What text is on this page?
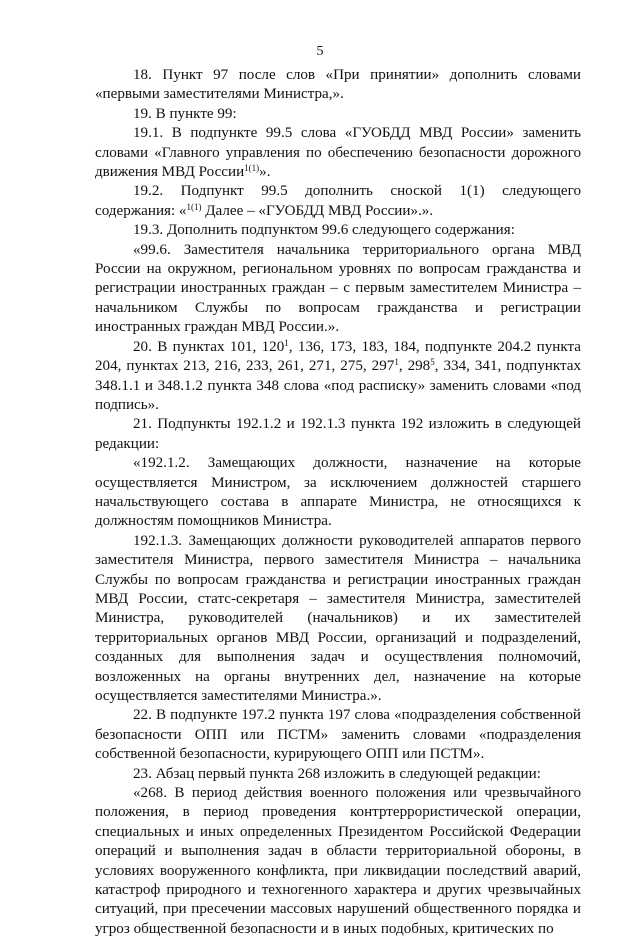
5

18. Пункт 97 после слов «При принятии» дополнить словами «первыми заместителями Министра,».

19. В пункте 99:

19.1. В подпункте 99.5 слова «ГУОБДД МВД России» заменить словами «Главного управления по обеспечению безопасности дорожного движения МВД России$^{1(1)}$».

19.2. Подпункт 99.5 дополнить сноской 1(1) следующего содержания: «$^{1(1)}$ Далее – «ГУОБДД МВД России».».

19.3. Дополнить подпунктом 99.6 следующего содержания:

«99.6. Заместителя начальника территориального органа МВД России на окружном, региональном уровнях по вопросам гражданства и регистрации иностранных граждан – с первым заместителем Министра – начальником Службы по вопросам гражданства и регистрации иностранных граждан МВД России.».

20. В пунктах 101, $120^1$, 136, 173, 183, 184, подпункте 204.2 пункта 204, пунктах 213, 216, 233, 261, 271, 275, $297^1$, $298^5$, 334, 341, подпунктах 348.1.1 и 348.1.2 пункта 348 слова «под расписку» заменить словами «под подпись».

21. Подпункты 192.1.2 и 192.1.3 пункта 192 изложить в следующей редакции:

«192.1.2. Замещающих должности, назначение на которые осуществляется Министром, за исключением должностей старшего начальствующего состава в аппарате Министра, не относящихся к должностям помощников Министра.

192.1.3. Замещающих должности руководителей аппаратов первого заместителя Министра, первого заместителя Министра – начальника Службы по вопросам гражданства и регистрации иностранных граждан МВД России, статс-секретаря – заместителя Министра, заместителей Министра, руководителей (начальников) и их заместителей территориальных органов МВД России, организаций и подразделений, созданных для выполнения задач и осуществления полномочий, возложенных на органы внутренних дел, назначение на которые осуществляется заместителями Министра.».

22. В подпункте 197.2 пункта 197 слова «подразделения собственной безопасности ОПП или ПСТМ» заменить словами «подразделения собственной безопасности, курирующего ОПП или ПСТМ».

23. Абзац первый пункта 268 изложить в следующей редакции:

«268. В период действия военного положения или чрезвычайного положения, в период проведения контртеррористической операции, специальных и иных определенных Президентом Российской Федерации операций и выполнения задач в области территориальной обороны, в условиях вооруженного конфликта, при ликвидации последствий аварий, катастроф природного и техногенного характера и других чрезвычайных ситуаций, при пресечении массовых нарушений общественного порядка и угроз общественной безопасности и в иных подобных, критических по
